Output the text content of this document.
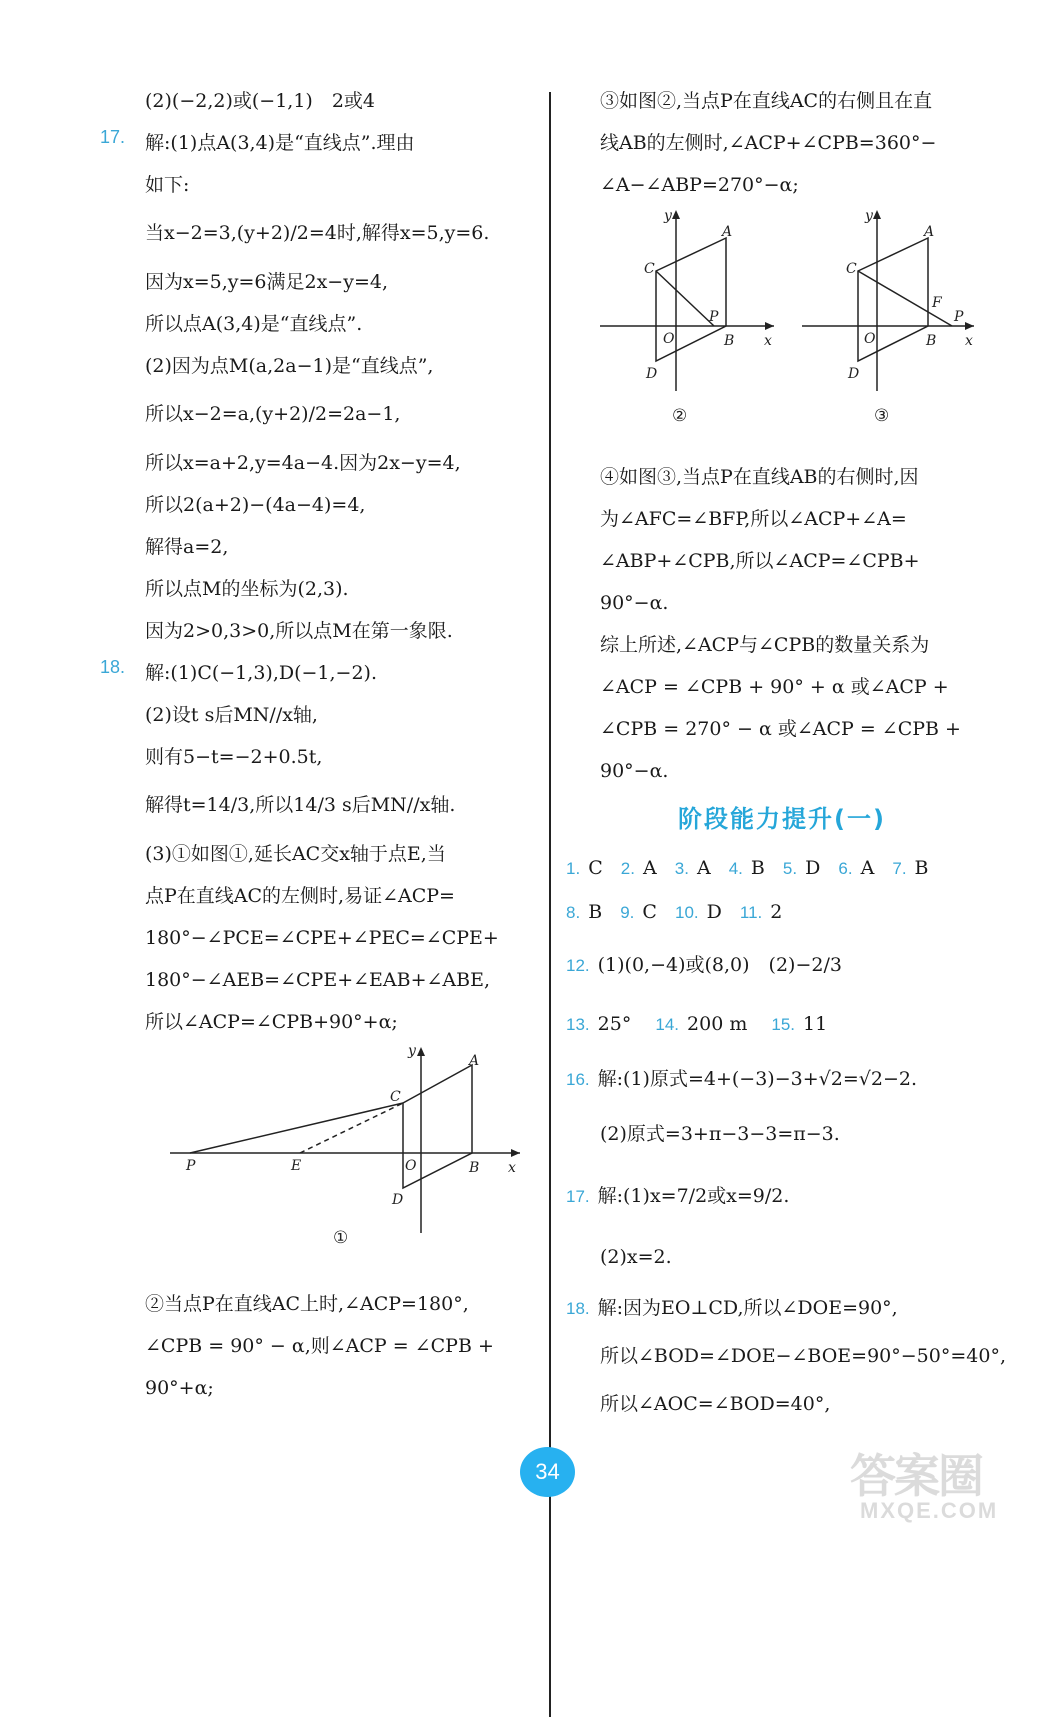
(2)(−2,2)或(−1,1)　2或4
17. 解:(1)点A(3,4)是“直线点”.理由
如下:
当x−2=3,(y+2)/2=4时,解得x=5,y=6.
因为x=5,y=6满足2x−y=4,
所以点A(3,4)是“直线点”.
(2)因为点M(a,2a−1)是“直线点”,
所以x−2=a,(y+2)/2=2a−1,
所以x=a+2,y=4a−4.因为2x−y=4,
所以2(a+2)−(4a−4)=4,
解得a=2,
所以点M的坐标为(2,3).
因为2>0,3>0,所以点M在第一象限.
18. 解:(1)C(−1,3),D(−1,−2).
(2)设t s后MN//x轴,
则有5−t=−2+0.5t,
解得t=14/3,所以14/3 s后MN//x轴.
(3)①如图①,延长AC交x轴于点E,当
点P在直线AC的左侧时,易证∠ACP=
180°−∠PCE=∠CPE+∠PEC=∠CPE+
180°−∠AEB=∠CPE+∠EAB+∠ABE,
所以∠ACP=∠CPB+90°+α;
P	E	O	B x
y
A
C
D
①
②当点P在直线AC上时,∠ACP=180°,
∠CPB = 90° − α,则∠ACP = ∠CPB +
90°+α;
③如图②,当点P在直线AC的右侧且在直
线AB的左侧时,∠ACP+∠CPB=360°−
∠A−∠ABP=270°−α;
y
A
C
P
O	B x
D
②
y
A
C
F
P
O	B x
D
③
④如图③,当点P在直线AB的右侧时,因
为∠AFC=∠BFP,所以∠ACP+∠A=
∠ABP+∠CPB,所以∠ACP=∠CPB+
90°−α.
综上所述,∠ACP与∠CPB的数量关系为
∠ACP = ∠CPB + 90° + α 或∠ACP +
∠CPB = 270° − α 或∠ACP = ∠CPB +
90°−α.
阶段能力提升(一)
1. C 2. A 3. A 4. B 5. D 6. A 7. B
8. B 9. C 10. D 11. 2
12. (1)(0,−4)或(8,0)　(2)−2/3
13. 25° 14. 200 m 15. 11
16. 解:(1)原式=4+(−3)−3+√2=√2−2.
(2)原式=3+π−3−3=π−3.
17. 解:(1)x=7/2或x=9/2.
(2)x=2.
18. 解:因为EO⊥CD,所以∠DOE=90°,
所以∠BOD=∠DOE−∠BOE=90°−50°=40°,
所以∠AOC=∠BOD=40°,
34	答案圈
MXQE.COM
